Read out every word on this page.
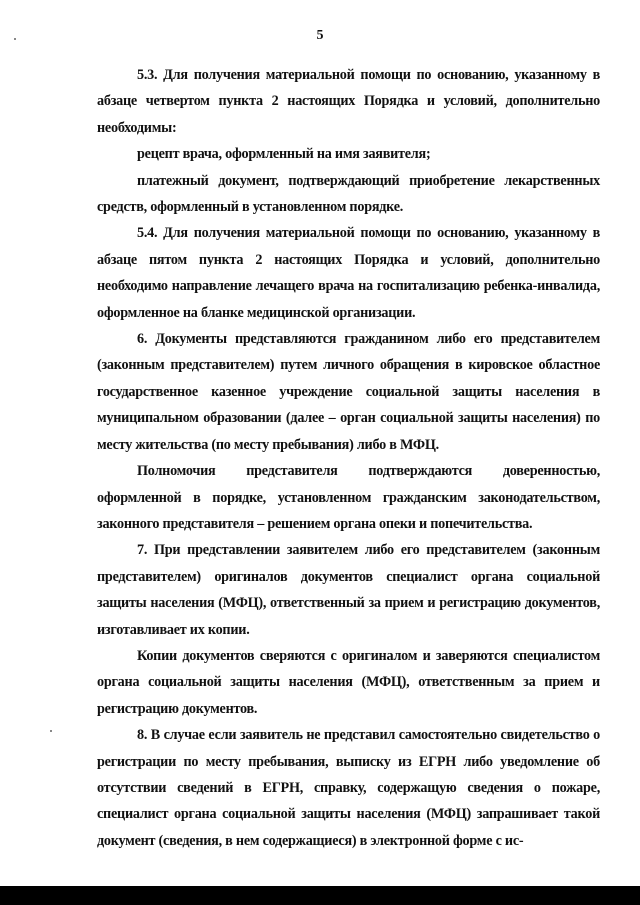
5

5.3. Для получения материальной помощи по основанию, указанному в абзаце четвертом пункта 2 настоящих Порядка и условий, дополнительно необходимы:

рецепт врача, оформленный на имя заявителя;

платежный документ, подтверждающий приобретение лекарственных средств, оформленный в установленном порядке.

5.4. Для получения материальной помощи по основанию, указанному в абзаце пятом пункта 2 настоящих Порядка и условий, дополнительно необходимо направление лечащего врача на госпитализацию ребенка-инвалида, оформленное на бланке медицинской организации.

6. Документы представляются гражданином либо его представителем (законным представителем) путем личного обращения в кировское областное государственное казенное учреждение социальной защиты населения в муниципальном образовании (далее – орган социальной защиты населения) по месту жительства (по месту пребывания) либо в МФЦ.

Полномочия представителя подтверждаются доверенностью, оформленной в порядке, установленном гражданским законодательством, законного представителя – решением органа опеки и попечительства.

7. При представлении заявителем либо его представителем (законным представителем) оригиналов документов специалист органа социальной защиты населения (МФЦ), ответственный за прием и регистрацию документов, изготавливает их копии.

Копии документов сверяются с оригиналом и заверяются специалистом органа социальной защиты населения (МФЦ), ответственным за прием и регистрацию документов.

8. В случае если заявитель не представил самостоятельно свидетельство о регистрации по месту пребывания, выписку из ЕГРН либо уведомление об отсутствии сведений в ЕГРН, справку, содержащую сведения о пожаре, специалист органа социальной защиты населения (МФЦ) запрашивает такой документ (сведения, в нем содержащиеся) в электронной форме с ис-
